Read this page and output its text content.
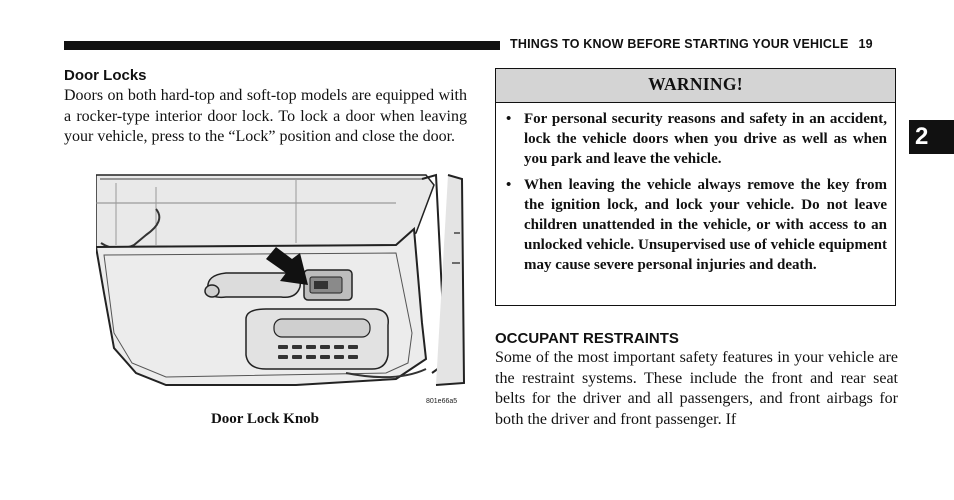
THINGS TO KNOW BEFORE STARTING YOUR VEHICLE 19
2
Door Locks
Doors on both hard-top and soft-top models are equipped with a rocker-type interior door lock. To lock a door when leaving your vehicle, press to the “Lock” position and close the door.
801e66a5
Door Lock Knob
WARNING!
• For personal security reasons and safety in an accident, lock the vehicle doors when you drive as well as when you park and leave the vehicle.
• When leaving the vehicle always remove the key from the ignition lock, and lock your vehicle. Do not leave children unattended in the vehicle, or with access to an unlocked vehicle. Unsupervised use of vehicle equipment may cause severe personal injuries and death.
OCCUPANT RESTRAINTS
Some of the most important safety features in your vehicle are the restraint systems. These include the front and rear seat belts for the driver and all passengers, and front airbags for both the driver and front passenger. If
